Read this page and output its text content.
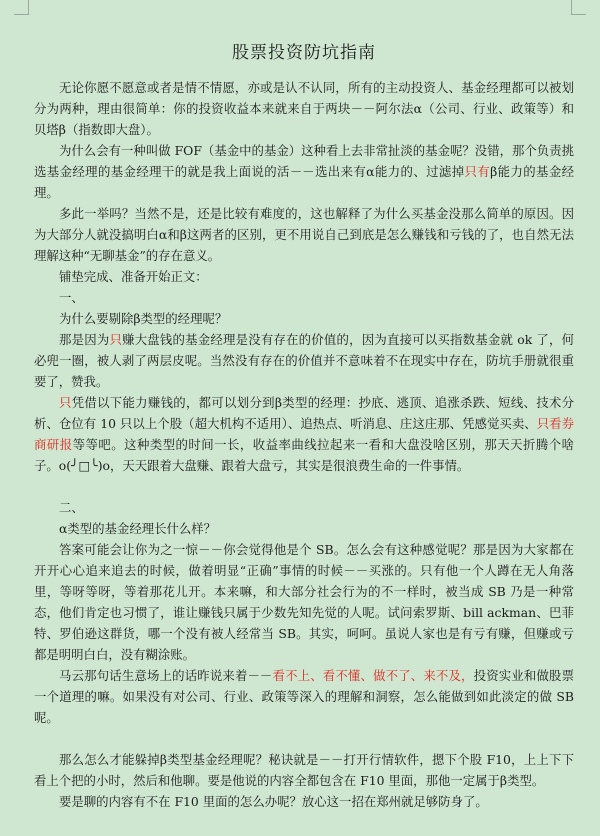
股票投资防坑指南

无论你愿不愿意或者是情不情愿，亦或是认不认同，所有的主动投资人、基金经理都可以被划分为两种，理由很简单：你的投资收益本来就来自于两块－－阿尔法α（公司、行业、政策等）和贝塔β（指数即大盘）。

为什么会有一种叫做 FOF（基金中的基金）这种看上去非常扯淡的基金呢？没错，那个负责挑选基金经理的基金经理干的就是我上面说的活－－选出来有α能力的、过滤掉只有β能力的基金经理。

多此一举吗？当然不是，还是比较有难度的，这也解释了为什么买基金没那么简单的原因。因为大部分人就没搞明白α和β这两者的区别，更不用说自己到底是怎么赚钱和亏钱的了，也自然无法理解这种“无聊基金”的存在意义。

铺垫完成、准备开始正文：

一、

为什么要剔除β类型的经理呢？

那是因为只赚大盘钱的基金经理是没有存在的价值的，因为直接可以买指数基金就 ok 了，何必兜一圈，被人剥了两层皮呢。当然没有存在的价值并不意味着不在现实中存在，防坑手册就很重要了，赞我。

只凭借以下能力赚钱的，都可以划分到β类型的经理：抄底、逃顶、追涨杀跌、短线、技术分析、仓位有 10 只以上个股（超大机构不适用）、追热点、听消息、庄这庄那、凭感觉买卖、只看券商研报等等吧。这种类型的时间一长，收益率曲线拉起来一看和大盘没啥区别，那天天折腾个啥子。o(╯□╰)o，天天跟着大盘赚、跟着大盘亏，其实是很浪费生命的一件事情。

二、

α类型的基金经理长什么样？

答案可能会让你为之一惊－－你会觉得他是个 SB。怎么会有这种感觉呢？那是因为大家都在开开心心追来追去的时候，做着明显“正确”事情的时候－－买涨的。只有他一个人蹲在无人角落里，等呀等呀，等着那花儿开。本来嘛，和大部分社会行为的不一样时，被当成 SB 乃是一种常态，他们肯定也习惯了，谁让赚钱只属于少数先知先觉的人呢。试问索罗斯、bill ackman、巴菲特、罗伯逊这群货，哪一个没有被人经常当 SB。其实，呵呵。虽说人家也是有亏有赚，但赚或亏都是明明白白，没有糊涂账。

马云那句话生意场上的话昨说来着－－看不上、看不懂、做不了、来不及，投资实业和做股票一个道理的嘛。如果没有对公司、行业、政策等深入的理解和洞察，怎么能做到如此淡定的做 SB 呢。

那么怎么才能躲掉β类型基金经理呢？秘诀就是－－打开行情软件，摁下个股 F10，上上下下看上个把的小时，然后和他聊。要是他说的内容全都包含在 F10 里面，那他一定属于β类型。

要是聊的内容有不在 F10 里面的怎么办呢？放心这一招在郑州就足够防身了。
